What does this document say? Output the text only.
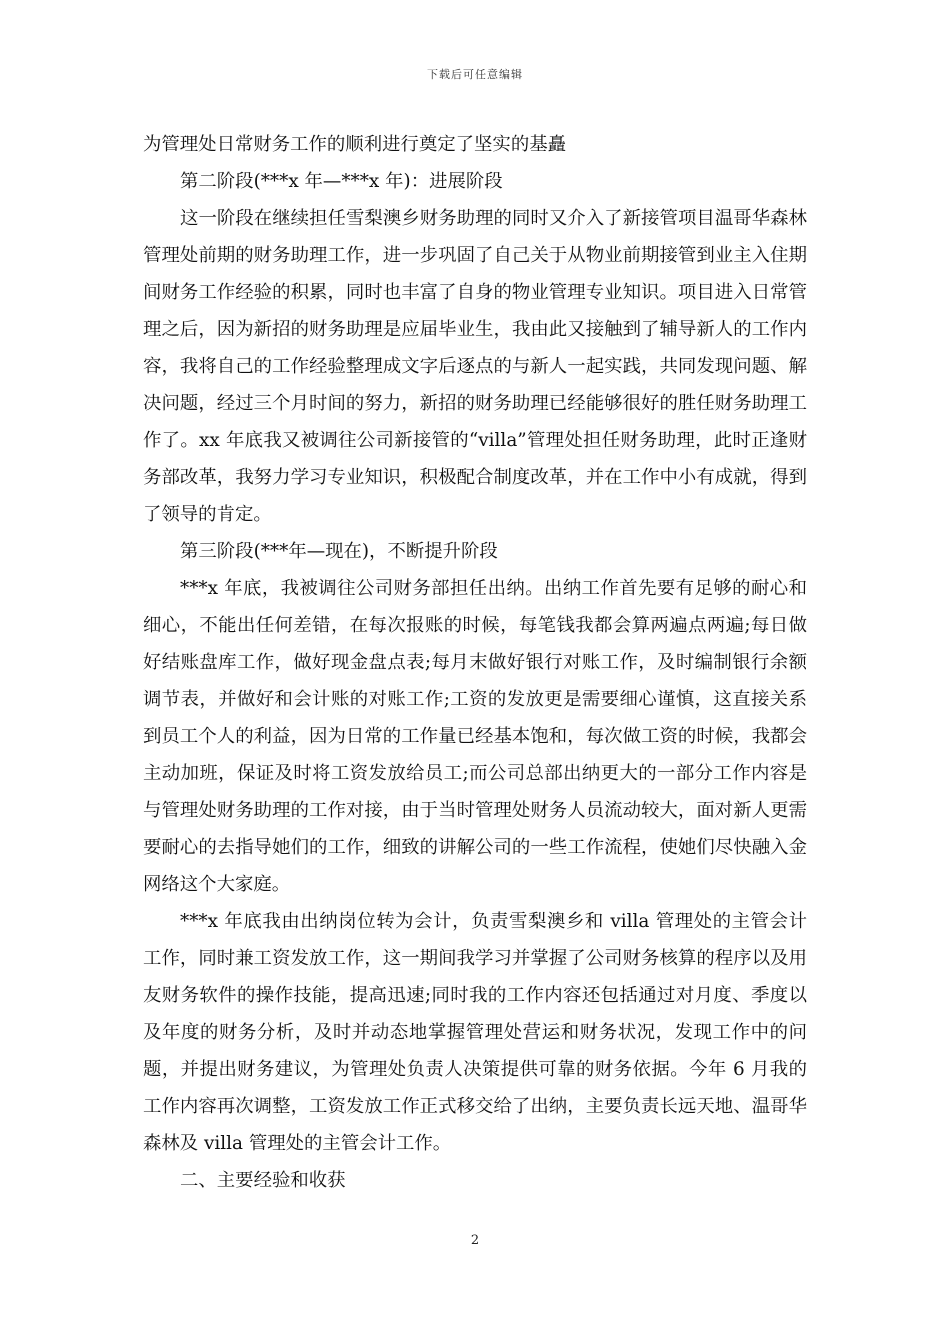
下载后可任意编辑

为管理处日常财务工作的顺利进行奠定了坚实的基矗

第二阶段(***x 年—***x 年)：进展阶段

这一阶段在继续担任雪梨澳乡财务助理的同时又介入了新接管项目温哥华森林管理处前期的财务助理工作，进一步巩固了自己关于从物业前期接管到业主入住期间财务工作经验的积累，同时也丰富了自身的物业管理专业知识。项目进入日常管理之后，因为新招的财务助理是应届毕业生，我由此又接触到了辅导新人的工作内容，我将自己的工作经验整理成文字后逐点的与新人一起实践，共同发现问题、解决问题，经过三个月时间的努力，新招的财务助理已经能够很好的胜任财务助理工作了。xx 年底我又被调往公司新接管的“villa”管理处担任财务助理，此时正逢财务部改革，我努力学习专业知识，积极配合制度改革，并在工作中小有成就，得到了领导的肯定。

第三阶段(***年—现在)，不断提升阶段

***x 年底，我被调往公司财务部担任出纳。出纳工作首先要有足够的耐心和细心，不能出任何差错，在每次报账的时候，每笔钱我都会算两遍点两遍;每日做好结账盘库工作，做好现金盘点表;每月末做好银行对账工作，及时编制银行余额调节表，并做好和会计账的对账工作;工资的发放更是需要细心谨慎，这直接关系到员工个人的利益，因为日常的工作量已经基本饱和，每次做工资的时候，我都会主动加班，保证及时将工资发放给员工;而公司总部出纳更大的一部分工作内容是与管理处财务助理的工作对接，由于当时管理处财务人员流动较大，面对新人更需要耐心的去指导她们的工作，细致的讲解公司的一些工作流程，使她们尽快融入金网络这个大家庭。

***x 年底我由出纳岗位转为会计，负责雪梨澳乡和 villa 管理处的主管会计工作，同时兼工资发放工作，这一期间我学习并掌握了公司财务核算的程序以及用友财务软件的操作技能，提高迅速;同时我的工作内容还包括通过对月度、季度以及年度的财务分析，及时并动态地掌握管理处营运和财务状况，发现工作中的问题，并提出财务建议，为管理处负责人决策提供可靠的财务依据。今年 6 月我的工作内容再次调整，工资发放工作正式移交给了出纳，主要负责长远天地、温哥华森林及 villa 管理处的主管会计工作。

二、主要经验和收获

2
